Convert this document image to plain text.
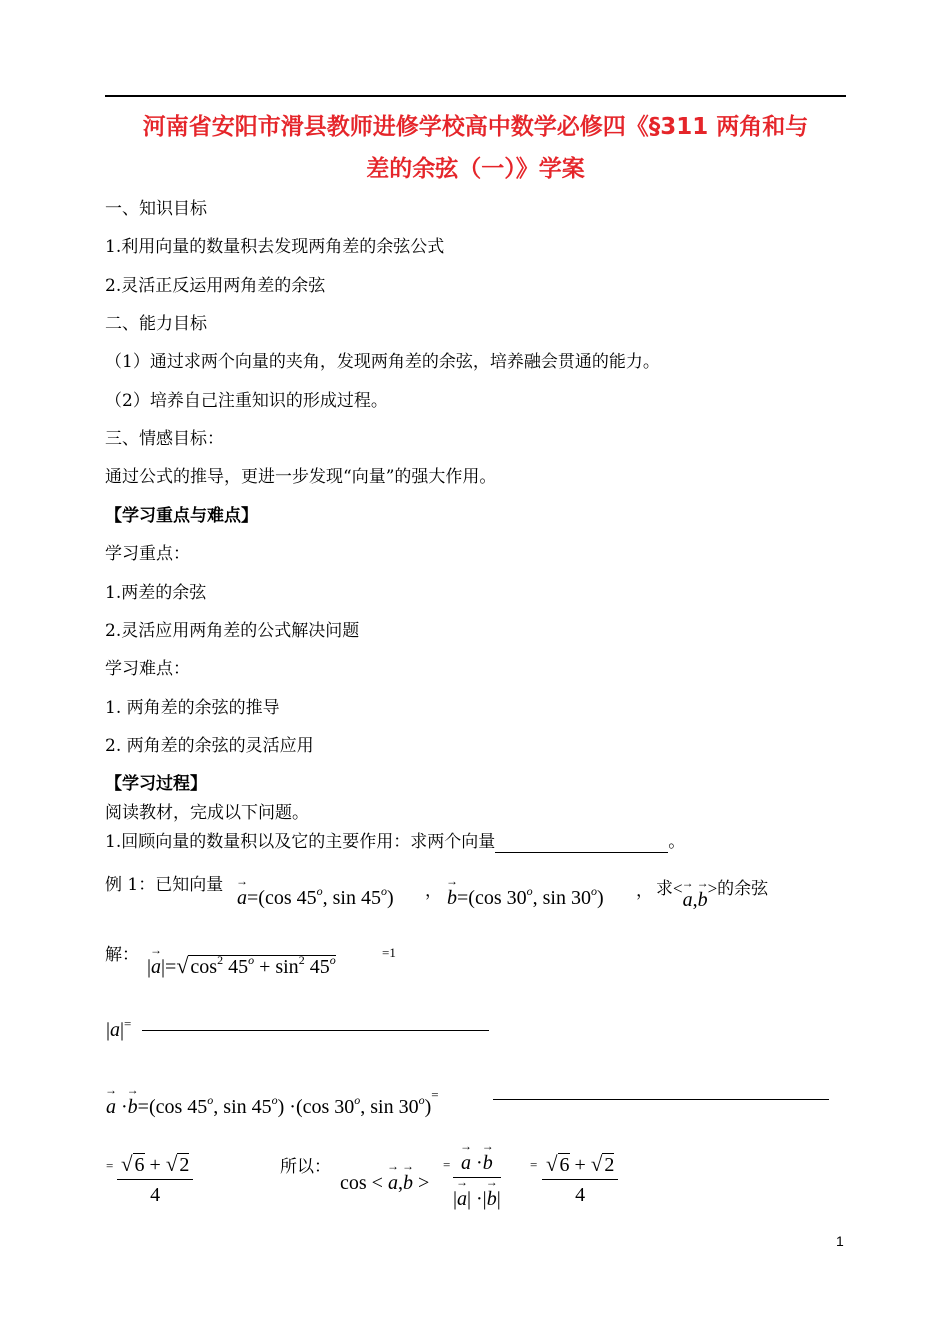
河南省安阳市滑县教师进修学校高中数学必修四《§311 两角和与
差的余弦（一）》学案
一、知识目标
1.利用向量的数量积去发现两角差的余弦公式
2.灵活正反运用两角差的余弦
二、能力目标
（1）通过求两个向量的夹角，发现两角差的余弦，培养融会贯通的能力。
（2）培养自己注重知识的形成过程。
三、情感目标：
通过公式的推导，更进一步发现“向量”的强大作用。
【学习重点与难点】
学习重点：
1.两差的余弦
2.灵活应用两角差的公式解决问题
学习难点：
1. 两角差的余弦的推导
2. 两角差的余弦的灵活应用
【学习过程】
阅读教材，完成以下问题。
1.回顾向量的数量积以及它的主要作用：求两个向量	。
例 1：已知向量
→ a=(cos 45$^o$, sin 45$^o$) ， → b=(cos 30$^o$, sin 30$^o$) ， 求<→ a,→ b>的余弦
解：
|→ a|=√ $\cos^2 45^o + \sin^2 45^o$	=1
|a|=
→ a ·→ b=(cos 45$^o$, $\sin 45^o) \cdot(\cos$ 30$^o$, $\sin 30^o)^=$
= $\frac{√ 6 + √ 2}{4}$	所以：
cos < → a,→ b >
= → $\frac{a \cdot\to b}{|\to a| \cdot|\to b|} = \frac{√ 6 + √ 2}{4}$
1
